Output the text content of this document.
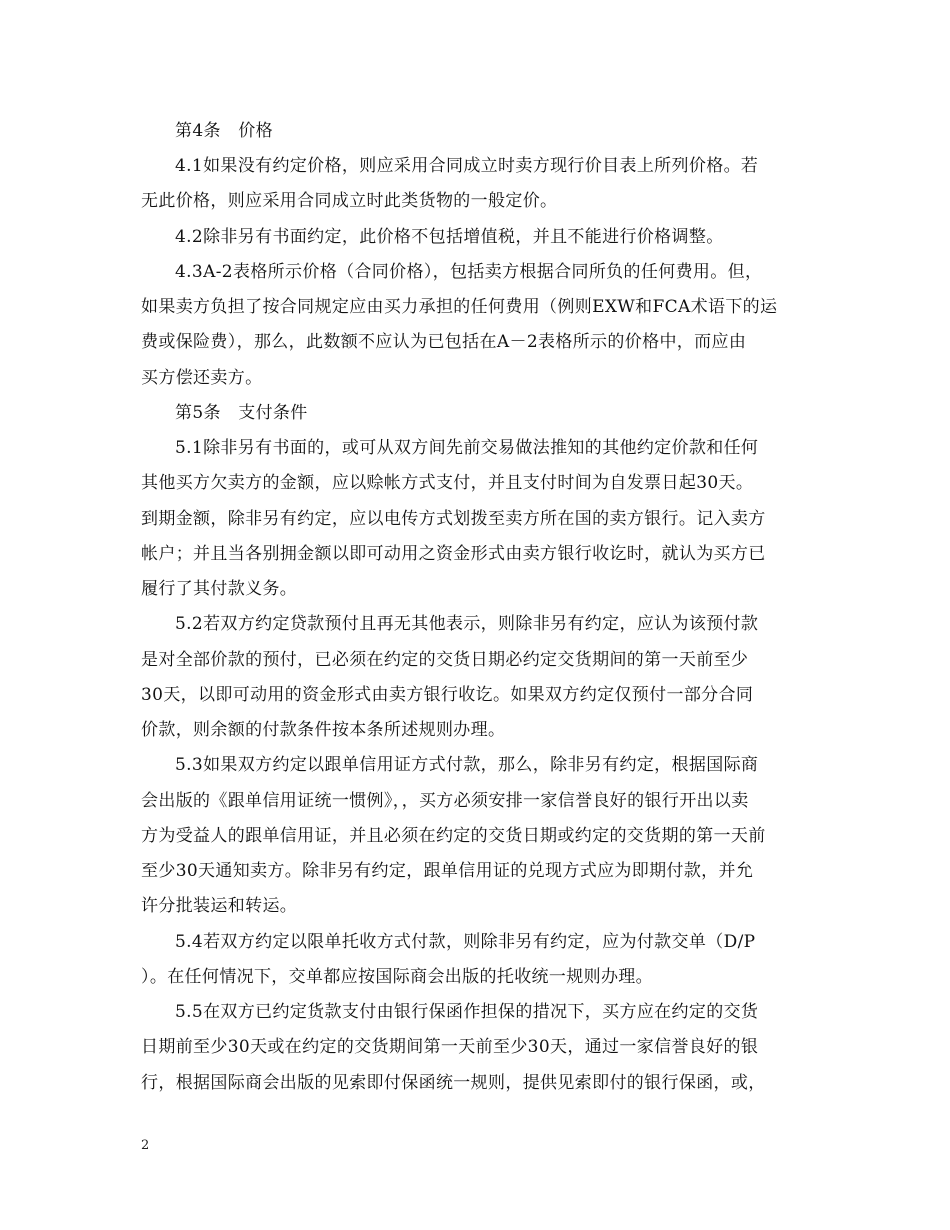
第4条　价格
4.1如果没有约定价格，则应采用合同成立时卖方现行价目表上所列价格。若
无此价格，则应采用合同成立时此类货物的一般定价。
4.2除非另有书面约定，此价格不包括增值税，并且不能进行价格调整。
4.3A-2表格所示价格（合同价格），包括卖方根据合同所负的任何费用。但，
如果卖方负担了按合同规定应由买力承担的任何费用（例则EXW和FCA术语下的运
费或保险费），那么，此数额不应认为已包括在A－2表格所示的价格中，而应由
买方偿还卖方。
第5条　支付条件
5.1除非另有书面的，或可从双方间先前交易做法推知的其他约定价款和任何
其他买方欠卖方的金额，应以赊帐方式支付，并且支付时间为自发票日起30天。
到期金额，除非另有约定，应以电传方式划拨至卖方所在国的卖方银行。记入卖方
帐户；并且当各别拥金额以即可动用之资金形式由卖方银行收讫时，就认为买方已
履行了其付款义务。
5.2若双方约定贷款预付且再无其他表示，则除非另有约定，应认为该预付款
是对全部价款的预付，已必须在约定的交货日期必约定交货期间的第一天前至少
30天，以即可动用的资金形式由卖方银行收讫。如果双方约定仅预付一部分合同
价款，则余额的付款条件按本条所述规则办理。
5.3如果双方约定以跟单信用证方式付款，那么，除非另有约定，根据国际商
会出版的《跟单信用证统一惯例》，，买方必须安排一家信誉良好的银行开出以卖
方为受益人的跟单信用证，并且必须在约定的交货日期或约定的交货期的第一天前
至少30天通知卖方。除非另有约定，跟单信用证的兑现方式应为即期付款，并允
许分批装运和转运。
5.4若双方约定以限单托收方式付款，则除非另有约定，应为付款交单（D/P
）。在任何情况下，交单都应按国际商会出版的托收统一规则办理。
5.5在双方已约定货款支付由银行保函作担保的措况下，买方应在约定的交货
日期前至少30天或在约定的交货期间第一天前至少30天，通过一家信誉良好的银
行，根据国际商会出版的见索即付保函统一规则，提供见索即付的银行保函，或，
2
